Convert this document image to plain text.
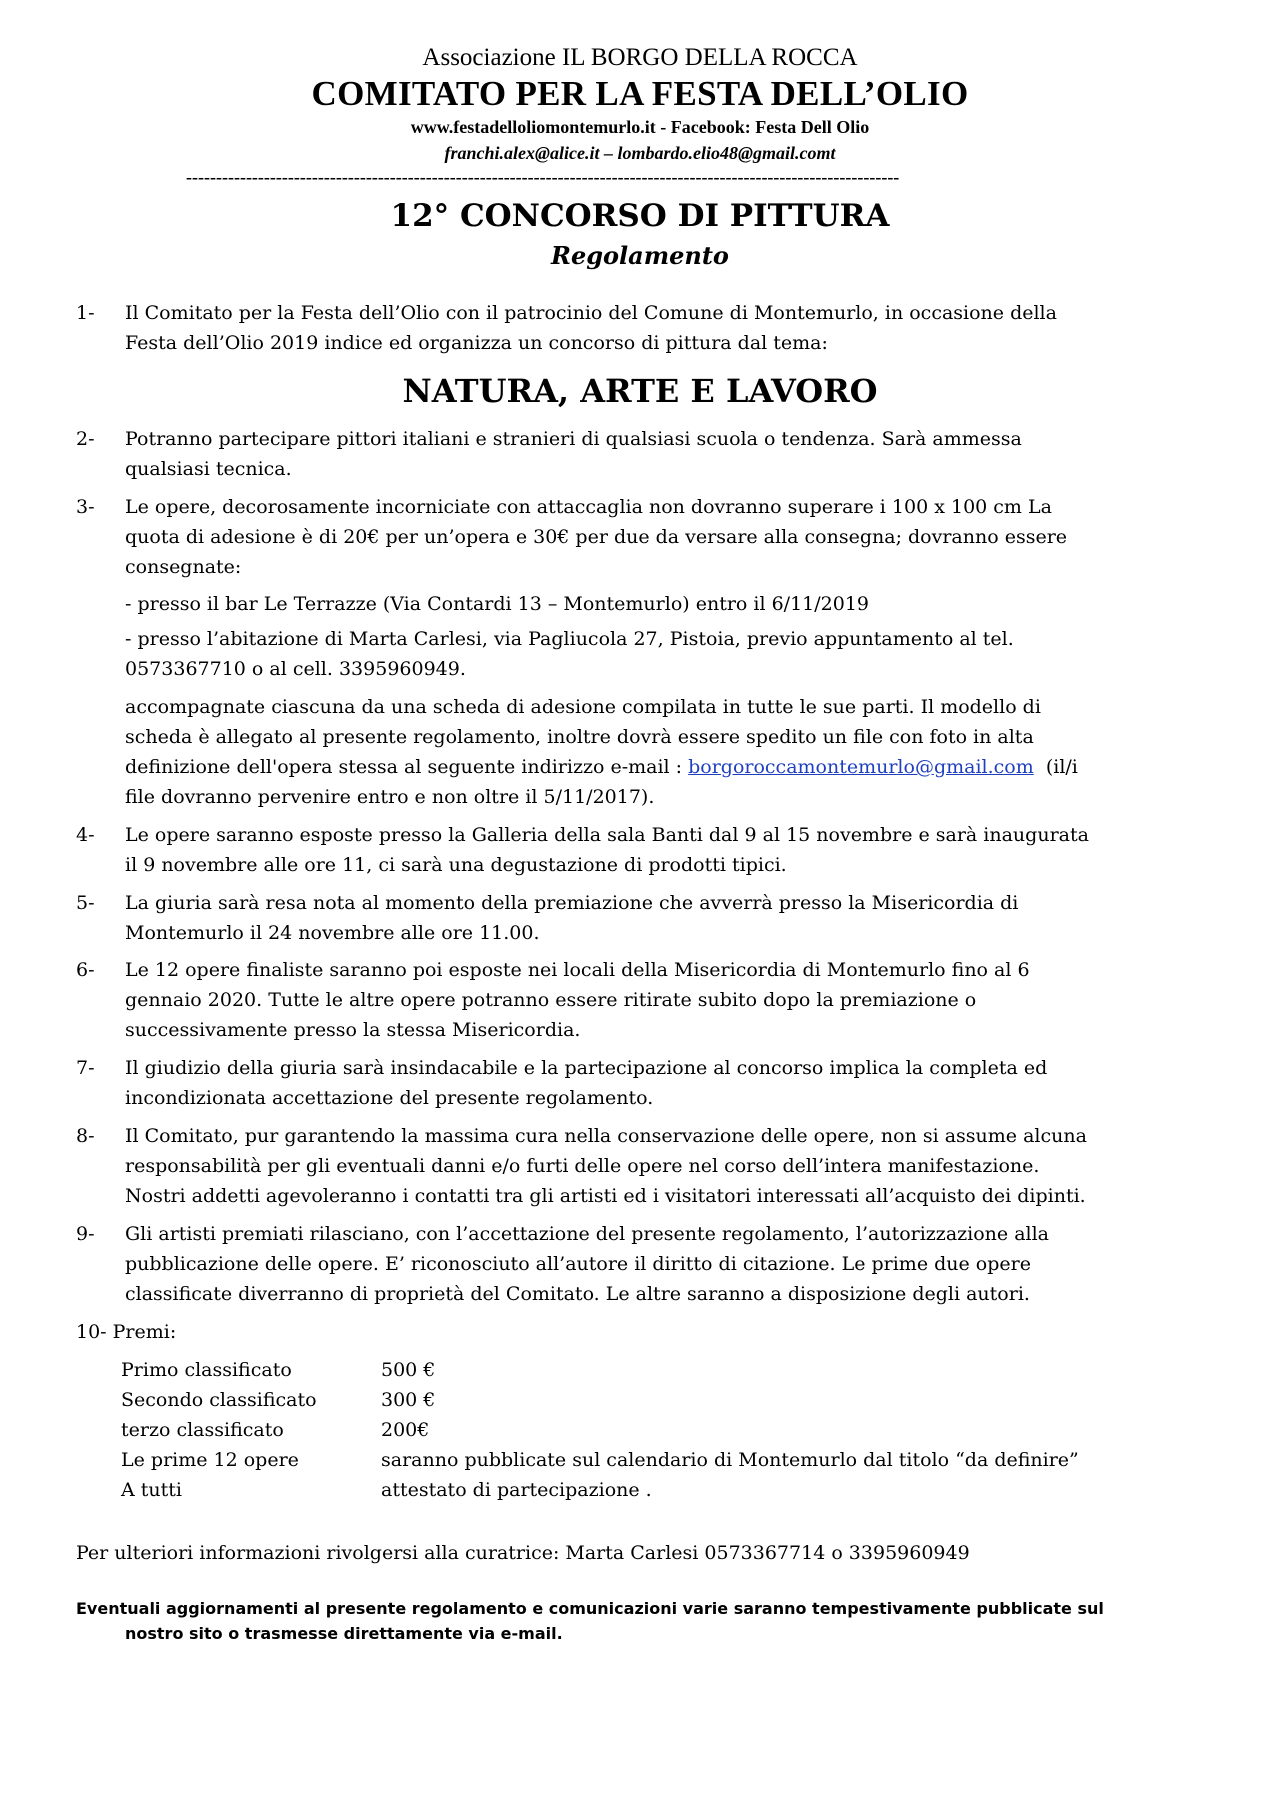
Associazione IL BORGO DELLA ROCCA
COMITATO PER LA FESTA DELL’OLIO
www.festadelloliomontemurlo.it - Facebook: Festa Dell Olio
franchi.alex@alice.it – lombardo.elio48@gmail.comt
-----------------------------------------------------------------------------------------------------------------------
12° CONCORSO DI PITTURA
Regolamento
1- Il Comitato per la Festa dell’Olio con il patrocinio del Comune di Montemurlo, in occasione della
Festa dell’Olio 2019 indice ed organizza un concorso di pittura dal tema:
NATURA, ARTE E LAVORO
2- Potranno partecipare pittori italiani e stranieri di qualsiasi scuola o tendenza. Sarà ammessa
qualsiasi tecnica.
3- Le opere, decorosamente incorniciate con attaccaglia non dovranno superare i 100 x 100 cm La
quota di adesione è di 20€ per un’opera e 30€ per due da versare alla consegna; dovranno essere
consegnate:
- presso il bar Le Terrazze (Via Contardi 13 – Montemurlo) entro il 6/11/2019
- presso l’abitazione di Marta Carlesi, via Pagliucola 27, Pistoia, previo appuntamento al tel.
0573367710 o al cell. 3395960949.
accompagnate ciascuna da una scheda di adesione compilata in tutte le sue parti. Il modello di
scheda è allegato al presente regolamento, inoltre dovrà essere spedito un file con foto in alta
definizione dell'opera stessa al seguente indirizzo e-mail : borgoroccamontemurlo@gmail.com  (il/i
file dovranno pervenire entro e non oltre il 5/11/2017).
4- Le opere saranno esposte presso la Galleria della sala Banti dal 9 al 15 novembre e sarà inaugurata
il 9 novembre alle ore 11, ci sarà una degustazione di prodotti tipici.
5- La giuria sarà resa nota al momento della premiazione che avverrà presso la Misericordia di
Montemurlo il 24 novembre alle ore 11.00.
6- Le 12 opere finaliste saranno poi esposte nei locali della Misericordia di Montemurlo fino al 6
gennaio 2020. Tutte le altre opere potranno essere ritirate subito dopo la premiazione o
successivamente presso la stessa Misericordia.
7- Il giudizio della giuria sarà insindacabile e la partecipazione al concorso implica la completa ed
incondizionata accettazione del presente regolamento.
8- Il Comitato, pur garantendo la massima cura nella conservazione delle opere, non si assume alcuna
responsabilità per gli eventuali danni e/o furti delle opere nel corso dell’intera manifestazione.
Nostri addetti agevoleranno i contatti tra gli artisti ed i visitatori interessati all’acquisto dei dipinti.
9- Gli artisti premiati rilasciano, con l’accettazione del presente regolamento, l’autorizzazione alla
pubblicazione delle opere. E’ riconosciuto all’autore il diritto di citazione. Le prime due opere
classificate diverranno di proprietà del Comitato. Le altre saranno a disposizione degli autori.
10- Premi:
Primo classificato	500 €
Secondo classificato	300 €
terzo classificato	200€
Le prime 12 opere	saranno pubblicate sul calendario di Montemurlo dal titolo “da definire”
A tutti	attestato di partecipazione .
Per ulteriori informazioni rivolgersi alla curatrice: Marta Carlesi 0573367714 o 3395960949
Eventuali aggiornamenti al presente regolamento e comunicazioni varie saranno tempestivamente pubblicate sul
nostro sito o trasmesse direttamente via e-mail.
